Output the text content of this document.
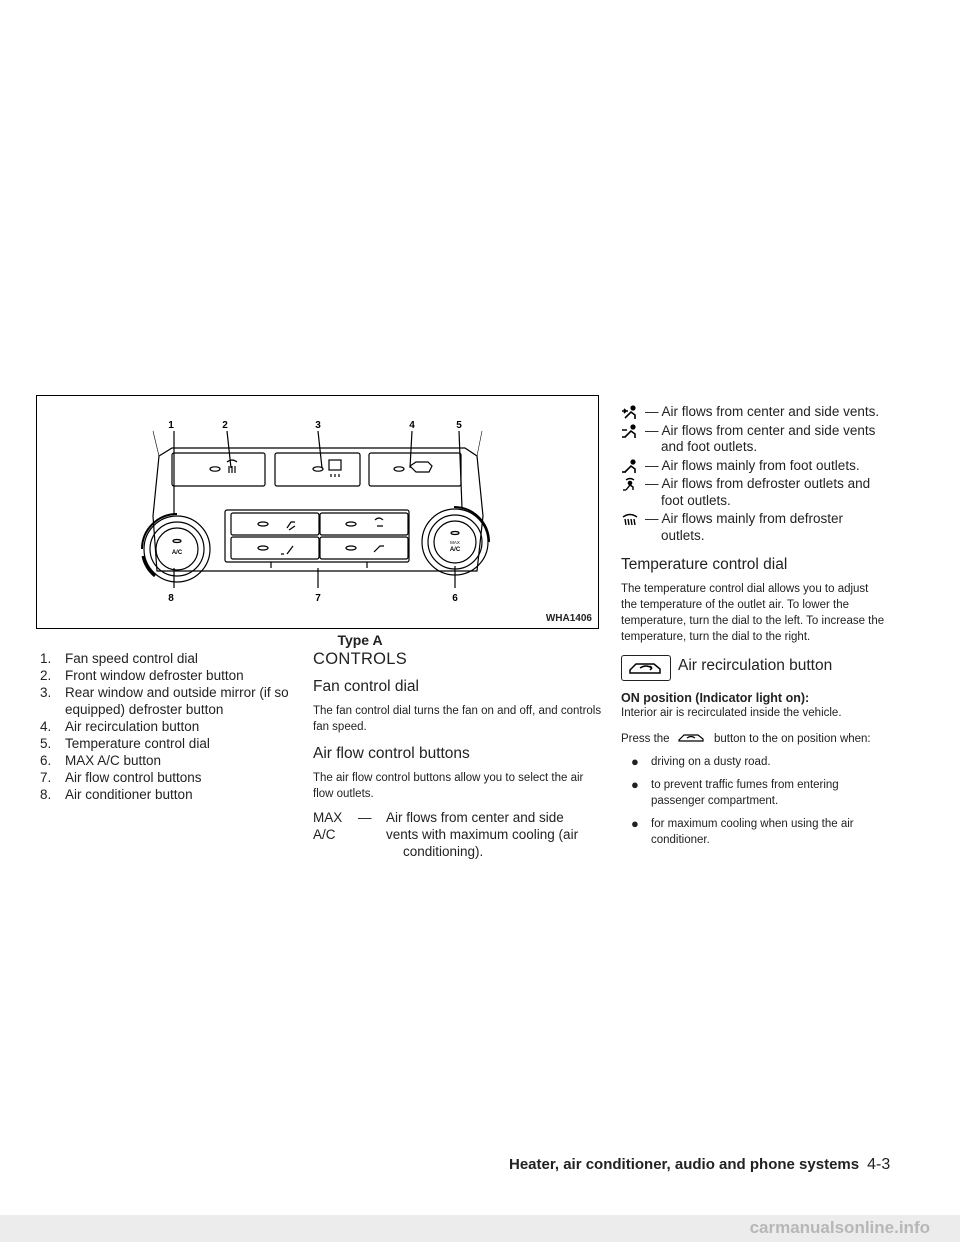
1	2	3	4	5
6
7
8
A/C
MAX
A/C
WHA1406
Type A
1. Fan speed control dial
2. Front window defroster button
3. Rear window and outside mirror (if so equipped) defroster button
4. Air recirculation button
5. Temperature control dial
6. MAX A/C button
7. Air flow control buttons
8. Air conditioner button
CONTROLS
Fan control dial
The fan control dial turns the fan on and off, and controls fan speed.
Air flow control buttons
The air flow control buttons allow you to select the air flow outlets.
MAX
A/C
— Air flows from center and side
vents with maximum cooling (air
conditioning).
— Air flows from center and side vents.
— Air flows from center and side vents and foot outlets.
— Air flows mainly from foot outlets.
— Air flows from defroster outlets and foot outlets.
— Air flows mainly from defroster outlets.
Temperature control dial
The temperature control dial allows you to adjust the temperature of the outlet air. To lower the temperature, turn the dial to the left. To increase the temperature, turn the dial to the right.
Air recirculation button
ON position (Indicator light on):
Interior air is recirculated inside the vehicle.
Press the	button to the on position when:
● driving on a dusty road.
● to prevent traffic fumes from entering passenger compartment.
● for maximum cooling when using the air conditioner.
Heater, air conditioner, audio and phone systems 4-3
carmanualsonline.info
